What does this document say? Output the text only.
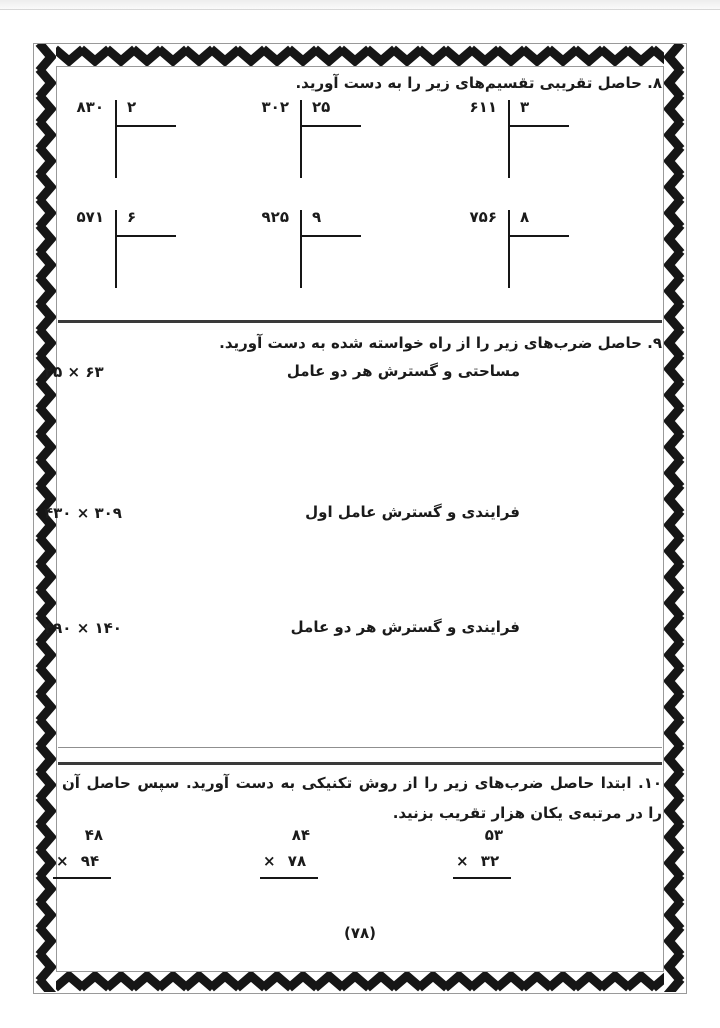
۸. حاصل تقریبی تقسیم‌های زیر را به دست آورید.
۶۱۱ ۳
۳۰۲ ۲۵
۸۳۰ ۲
۷۵۶ ۸
۹۲۵ ۹
۵۷۱ ۶
۹. حاصل ضرب‌های زیر را از راه خواسته شده به دست آورید.
مساحتی و گسترش هر دو عامل
۲۵ × ۶۳
فرایندی و گسترش عامل اول
۴۳۰ × ۳۰۹
فرایندی و گسترش هر دو عامل
۴۹۰ × ۱۴۰
۱۰. ابتدا حاصل ضرب‌های زیر را از روش تکنیکی به دست آورید. سپس حاصل آن را در مرتبه‌ی یکان هزار تقریب بزنید.
۵۳
× ۳۲
۸۴
× ۷۸
۴۸
× ۹۴
(۷۸)
